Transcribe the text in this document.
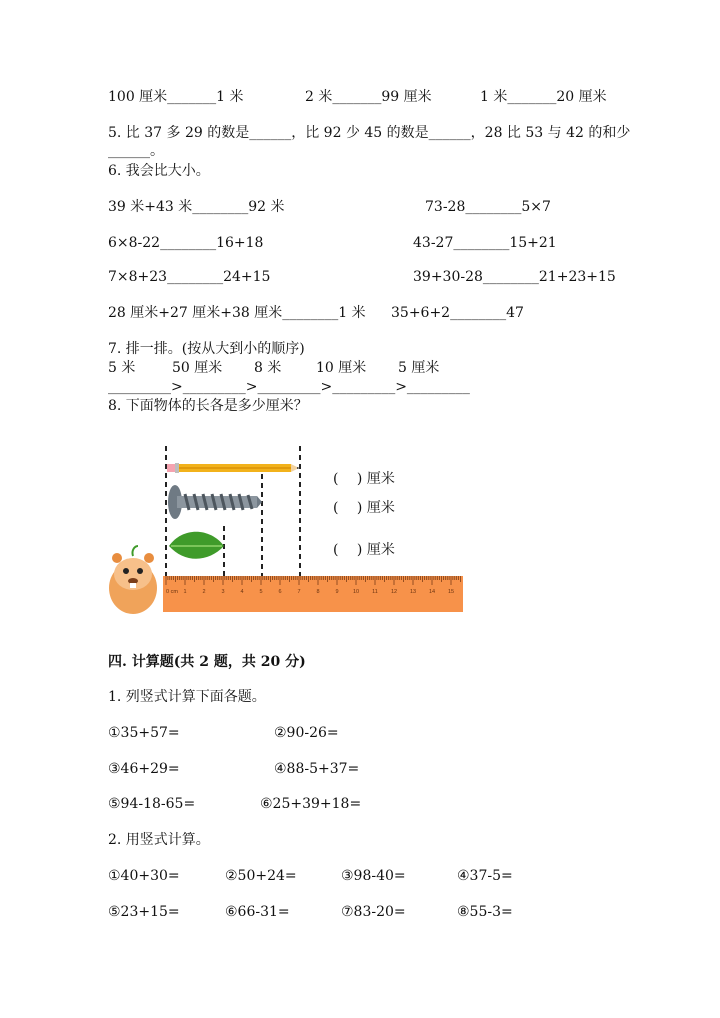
100 厘米_______1 米	2 米_______99 厘米	1 米_______20 厘米
5. 比 37 多 29 的数是______，比 92 少 45 的数是______，28 比 53 与 42 的和少
______。
6. 我会比大小。
39 米+43 米________92 米	73-28________5×7
6×8-22________16+18	43-27________15+21
7×8+23________24+15	39+30-28________21+23+15
28 厘米+27 厘米+38 厘米________1 米 35+6+2________47
7. 排一排。(按从大到小的顺序)
5 米	50 厘米 8 米 10 厘米 5 厘米
_________>_________>_________>_________>_________
8. 下面物体的长各是多少厘米？
0 cm 1	2	3	4	5	6	7	8	9	10 11 12 13 14 15
(　 ) 厘米
(　 ) 厘米
(　 ) 厘米
四. 计算题(共 2 题，共 20 分)
1. 列竖式计算下面各题。
①35+57=	②90-26=
③46+29=	④88-5+37=
⑤94-18-65=	⑥25+39+18=
2. 用竖式计算。
①40+30=	②50+24=	③98-40=	④37-5=
⑤23+15=	⑥66-31=	⑦83-20=	⑧55-3=
